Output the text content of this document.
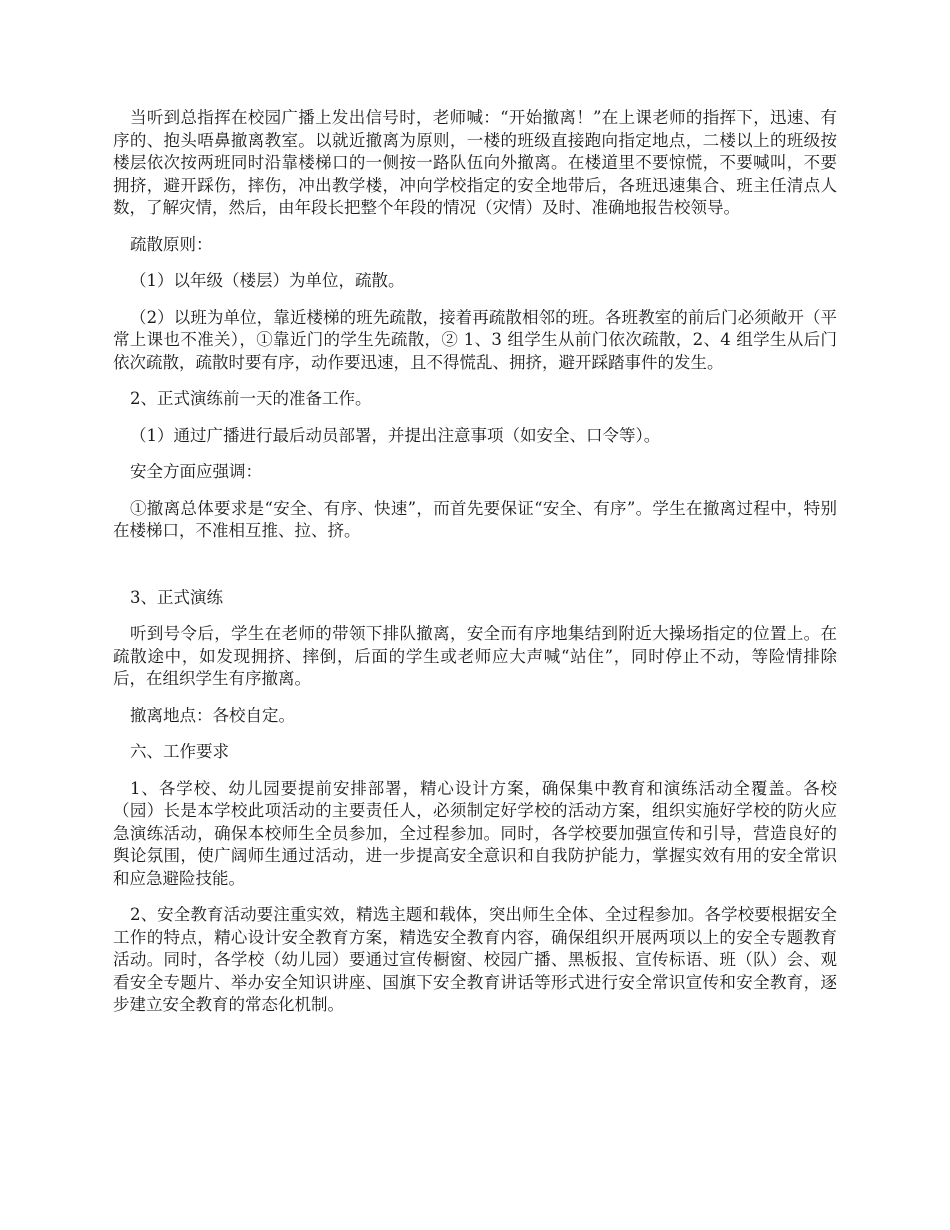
当听到总指挥在校园广播上发出信号时，老师喊：“开始撤离！”在上课老师的指挥下，迅速、有序的、抱头唔鼻撤离教室。以就近撤离为原则，一楼的班级直接跑向指定地点，二楼以上的班级按楼层依次按两班同时沿靠楼梯口的一侧按一路队伍向外撤离。在楼道里不要惊慌，不要喊叫，不要拥挤，避开踩伤，摔伤，冲出教学楼，冲向学校指定的安全地带后，各班迅速集合、班主任清点人数，了解灾情，然后，由年段长把整个年段的情况（灾情）及时、准确地报告校领导。

疏散原则：

（1）以年级（楼层）为单位，疏散。

（2）以班为单位，靠近楼梯的班先疏散，接着再疏散相邻的班。各班教室的前后门必须敞开（平常上课也不准关），①靠近门的学生先疏散，② 1、3 组学生从前门依次疏散，2、4 组学生从后门依次疏散，疏散时要有序，动作要迅速，且不得慌乱、拥挤，避开踩踏事件的发生。

2、正式演练前一天的准备工作。

（1）通过广播进行最后动员部署，并提出注意事项（如安全、口令等）。

安全方面应强调：

①撤离总体要求是“安全、有序、快速”，而首先要保证“安全、有序”。学生在撤离过程中，特别在楼梯口，不准相互推、拉、挤。

3、正式演练

听到号令后，学生在老师的带领下排队撤离，安全而有序地集结到附近大操场指定的位置上。在疏散途中，如发现拥挤、摔倒，后面的学生或老师应大声喊“站住”，同时停止不动，等险情排除后，在组织学生有序撤离。

撤离地点：各校自定。

六、工作要求

1、各学校、幼儿园要提前安排部署，精心设计方案，确保集中教育和演练活动全覆盖。各校（园）长是本学校此项活动的主要责任人，必须制定好学校的活动方案，组织实施好学校的防火应急演练活动，确保本校师生全员参加，全过程参加。同时，各学校要加强宣传和引导，营造良好的舆论氛围，使广阔师生通过活动，进一步提高安全意识和自我防护能力，掌握实效有用的安全常识和应急避险技能。

2、安全教育活动要注重实效，精选主题和载体，突出师生全体、全过程参加。各学校要根据安全工作的特点，精心设计安全教育方案，精选安全教育内容，确保组织开展两项以上的安全专题教育活动。同时，各学校（幼儿园）要通过宣传橱窗、校园广播、黑板报、宣传标语、班（队）会、观看安全专题片、举办安全知识讲座、国旗下安全教育讲话等形式进行安全常识宣传和安全教育，逐步建立安全教育的常态化机制。
